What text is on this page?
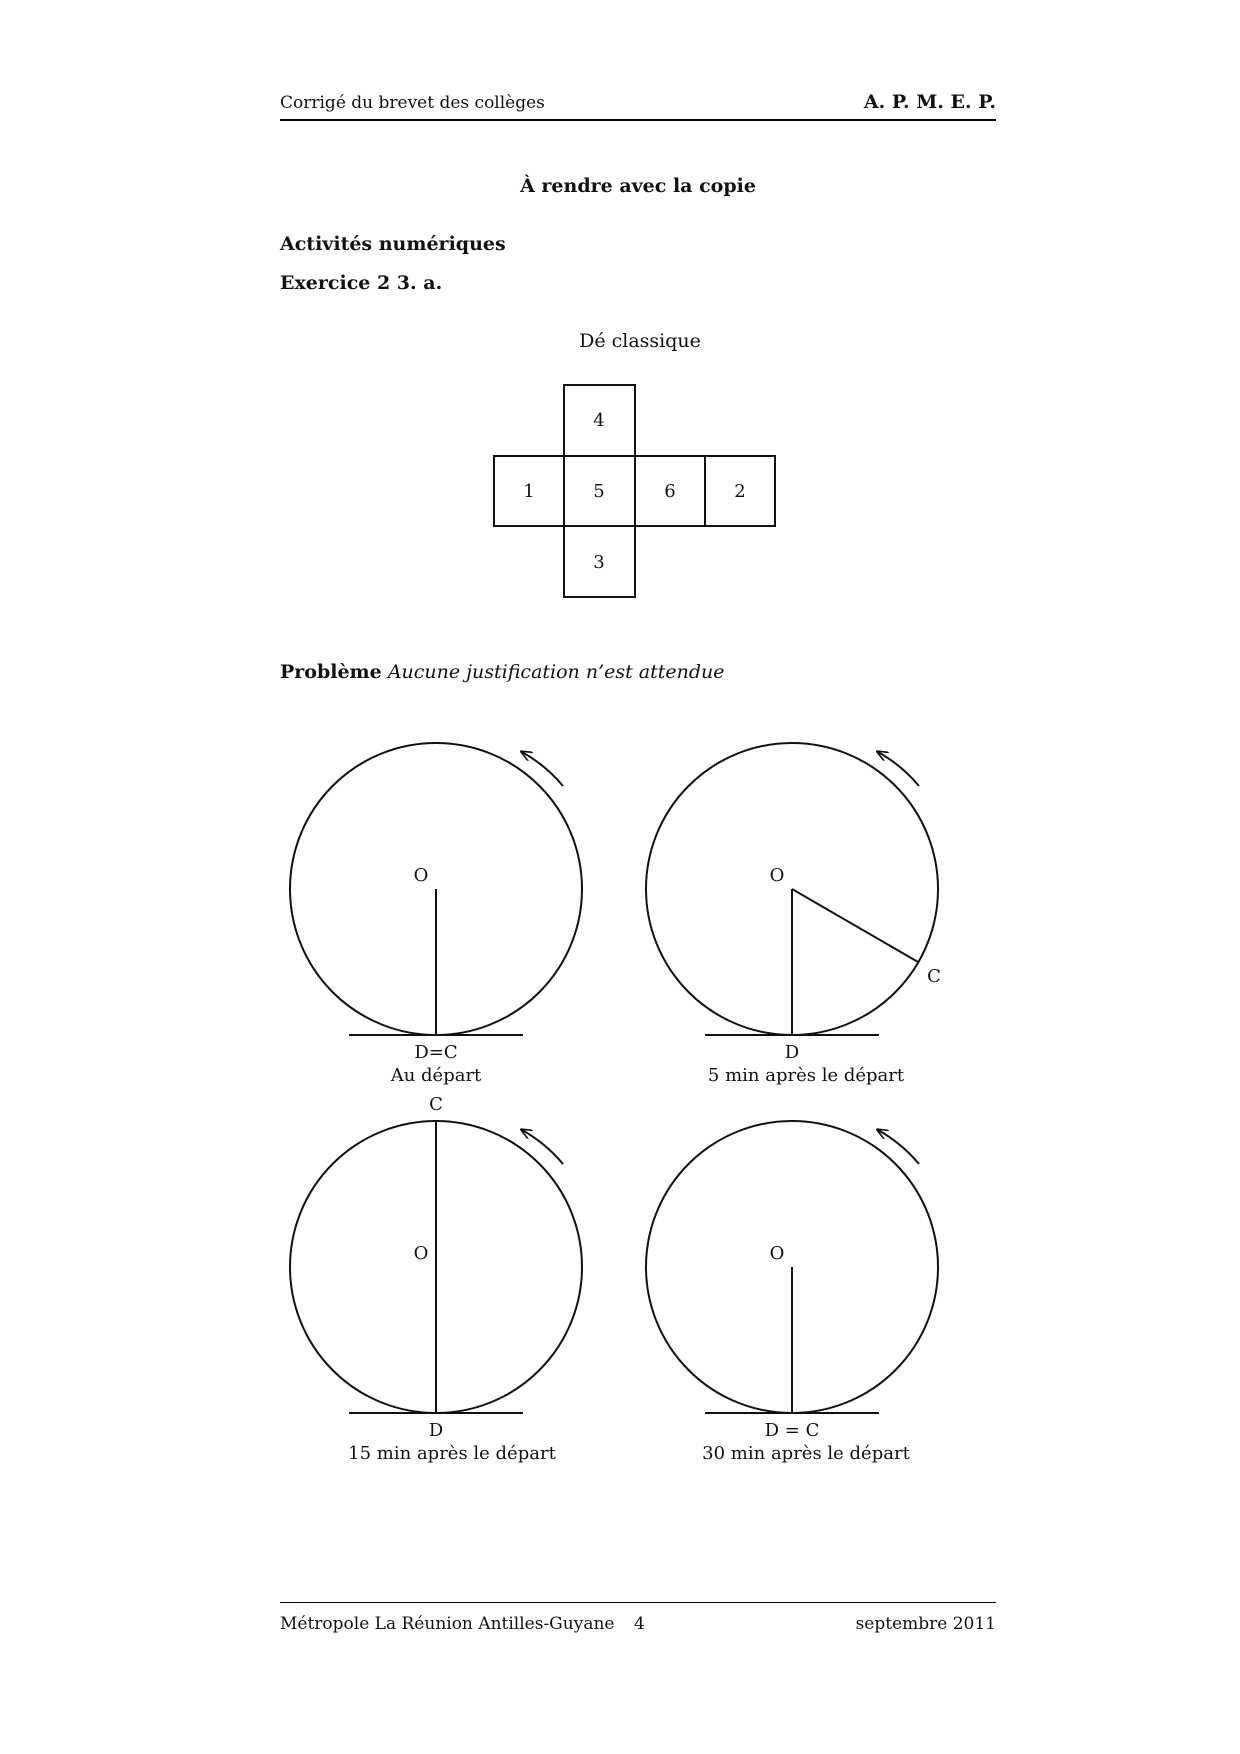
Corrigé du brevet des collèges	A. P. M. E. P.
À rendre avec la copie
Activités numériques
Exercice 2 3. a.
Dé classique
Problème Aucune justification n’est attendue
4
1	5	6	2
3
O
D=C
Au départ
O
C
D
5 min après le départ
C
O
D
15 min après le départ
O
D = C
30 min après le départ
Métropole La Réunion Antilles-Guyane 4	septembre 2011
